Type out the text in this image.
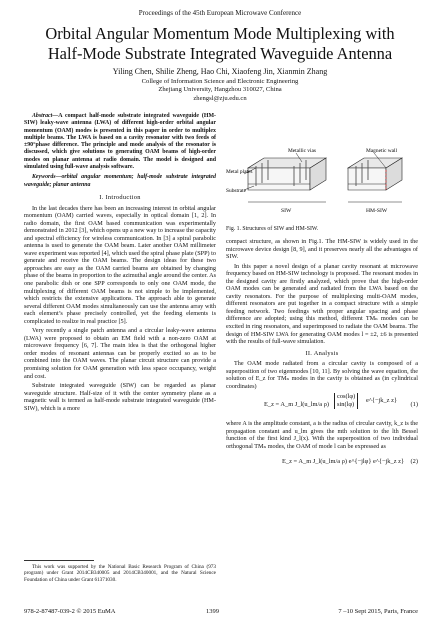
Proceedings of the 45th European Microwave Conference
Orbital Angular Momentum Mode Multiplexing with
Half-Mode Substrate Integrated Waveguide Antenna
Yiling Chen, Shilie Zheng, Hao Chi, Xiaofeng Jin, Xianmin Zhang
College of Information Science and Electronic Engineering
Zhejiang University, Hangzhou 310027, China
zhengsl@zju.edu.cn
Abstract—A compact half-mode substrate integrated waveguide (HM-SIW) leaky-wave antenna (LWA) of different high-order orbital angular momentum (OAM) modes is presented in this paper in order to multiplex multiple beams. The LWA is based on a cavity resonator with two feeds of ±90°phase difference. The principle and mode analysis of the resonator is discussed, which give solutions to generating OAM beams of high-order modes on planar antenna at radio domain. The model is designed and simulated using full-wave analysis software.
Keywords—orbital angular momentum; half-mode substrate integrated waveguide; planar antenna
I. Introduction

In the last decades there has been an increasing interest in orbital angular momentum (OAM) carried waves, especially in optical domain [1, 2]. In radio domain, the first OAM based communication was experimentally demonstrated in 2012 [3], which opens up a new way to increase the capacity and spectral efficiency for wireless communication. In [3] a spiral parabolic antenna is used to generate the OAM beam. Later another OAM millimeter wave experiment was reported [4], which used the spiral phase plate (SPP) to generate and receive the OAM beams. The design ideas for these two approaches are easy as the OAM carried beams are obtained by changing phase of the beams in proportion to the azimuthal angle around the center. As one parabolic dish or one SPP corresponds to only one OAM mode, the multiplexing of different OAM beams is not simple to be implemented, which restricts the extensive applications. The approach able to generate several different OAM modes simultaneously can use the antenna array with each element’s phase precisely controlled, yet the feeding elements is complicated to realize in real practice [5].

Very recently a single patch antenna and a circular leaky-wave antenna (LWA) were proposed to obtain an EM field with a non-zero OAM at microwave frequency [6, 7]. The main idea is that the orthogonal higher order modes of resonant antennas can be properly excited so as to be combined into the OAM waves. The planar circuit structure can provide a promising solution for OAM generation with less space occupancy, weight and cost.

Substrate integrated waveguide (SIW) can be regarded as planar waveguide structure. Half-size of it with the center symmetry plane as a magnetic wall is termed as half-mode substrate integrated waveguide (HM-SIW), which is a more

This work was supported by the National Basic Research Program of China (973 program) under Grant 2014CB340005 and 2014CB340001, and the Natural Science Foundation of China under Grant 61371030.

Metallic vias	Magnetic wall
Metal plates
Substrate
SIW	HM-SIW
Fig. 1. Structures of SIW and HM-SIW.

compact structure, as shown in Fig.1. The HM-SIW is widely used in the microwave device design [8, 9], and it preserves nearly all the advantages of SIW.

In this paper a novel design of a planar cavity resonant at microwave frequency based on HM-SIW technology is proposed. The resonant modes in the designed cavity are firstly analyzed, which prove that the high-order OAM modes can be generated and radiated from the LWA based on the cavity resonators. For the purpose of multiplexing multi-OAM modes, different resonators are put together in a compact structure with a simple feeding network. Two feedings with proper angular spacing and phase difference are adopted; using this method, different TMₙ modes can be excited in ring resonators, and superimposed to radiate the OAM beams. The design of HM-SIW LWA for generating OAM modes l = ±2, ±6 is presented with the results of full-wave simulation.

II. Analysis

The OAM mode radiated from a circular cavity is composed of a superposition of two eigenmodes [10, 11]. By solving the wave equation, the solution of E_z for TMₙ modes in the cavity is obtained as (in cylindrical coordinates)

E_z = A_m J_l(u_lm/a ρ)
cos(lφ)
sin(lφ)
e^{−jk_z z}
(1)

where A is the amplitude constant, a is the radius of circular cavity, k_z is the propagation constant and u_lm gives the mth solution to the lth Bessel function of the first kind J_l(x). With the superposition of two individual orthogonal TMₙ modes, the OAM of mode l can be expressed as

E_z = A_m J_l(u_lm/a ρ) e^{−jlφ} e^{−jk_z z} (2)
978-2-87487-039-2 © 2015 EuMA	1399	7 –10 Sept 2015, Paris, France
